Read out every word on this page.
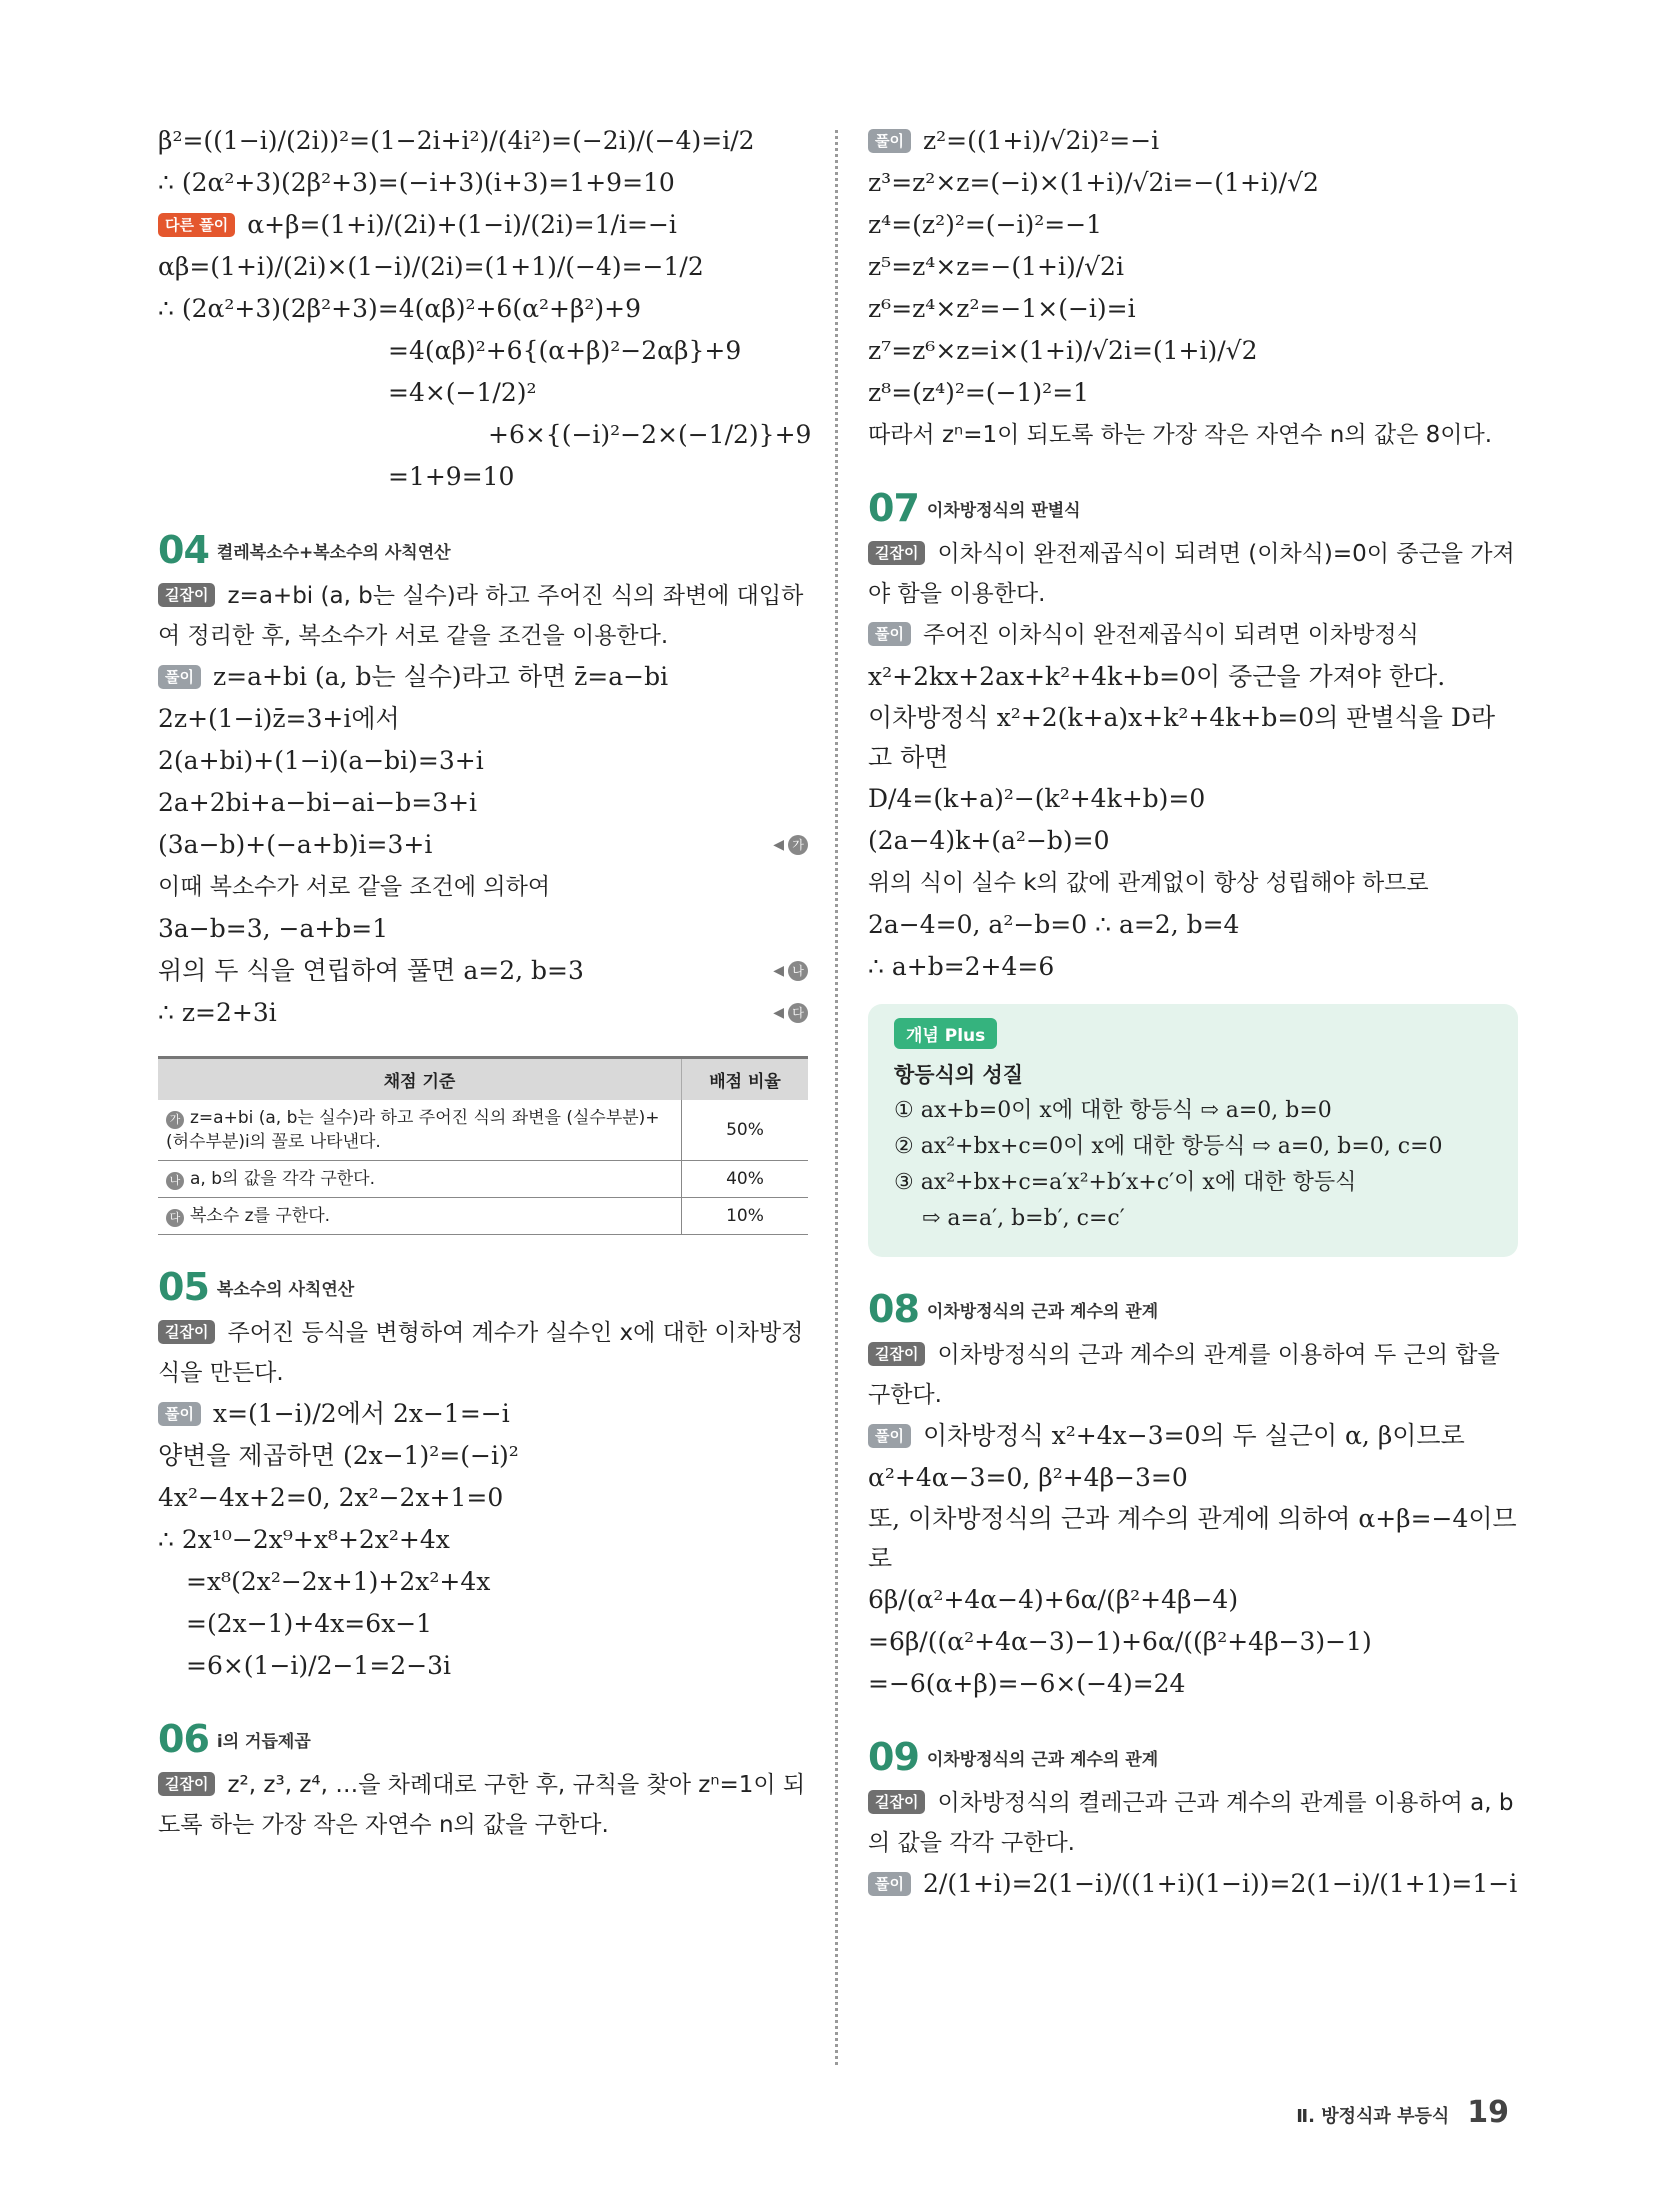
β²=((1−i)/(2i))²=(1−2i+i²)/(4i²)=(−2i)/(−4)=i/2

∴ (2α²+3)(2β²+3)=(−i+3)(i+3)=1+9=10

다른 풀이 α+β=(1+i)/(2i)+(1−i)/(2i)=1/i=−i

αβ=(1+i)/(2i)×(1−i)/(2i)=(1+1)/(−4)=−1/2

∴ (2α²+3)(2β²+3)=4(αβ)²+6(α²+β²)+9

=4(αβ)²+6{(α+β)²−2αβ}+9

=4×(−1/2)²

+6×{(−i)²−2×(−1/2)}+9

=1+9=10

04 켤레복소수+복소수의 사칙연산

길잡이 z=a+bi (a, b는 실수)라 하고 주어진 식의 좌변에 대입하여 정리한 후, 복소수가 서로 같을 조건을 이용한다.

풀이 z=a+bi (a, b는 실수)라고 하면 z̄=a−bi

2z+(1−i)z̄=3+i에서

2(a+bi)+(1−i)(a−bi)=3+i

2a+2bi+a−bi−ai−b=3+i

(3a−b)+(−a+b)i=3+i	◀ 가

이때 복소수가 서로 같을 조건에 의하여

3a−b=3, −a+b=1

위의 두 식을 연립하여 풀면 a=2, b=3	◀ 나

∴ z=2+3i	◀ 다

채점 기준	배점 비율
가 z=a+bi (a, b는 실수)라 하고 주어진 식의 좌변을 (실수부분)+(허수부분)i의 꼴로 나타낸다.	50%
나 a, b의 값을 각각 구한다.	40%
다 복소수 z를 구한다.	10%
05 복소수의 사칙연산

길잡이 주어진 등식을 변형하여 계수가 실수인 x에 대한 이차방정식을 만든다.

풀이 x=(1−i)/2에서 2x−1=−i

양변을 제곱하면 (2x−1)²=(−i)²

4x²−4x+2=0, 2x²−2x+1=0

∴ 2x¹⁰−2x⁹+x⁸+2x²+4x

=x⁸(2x²−2x+1)+2x²+4x

=(2x−1)+4x=6x−1

=6×(1−i)/2−1=2−3i

06 i의 거듭제곱

길잡이 z², z³, z⁴, …을 차례대로 구한 후, 규칙을 찾아 zⁿ=1이 되도록 하는 가장 작은 자연수 n의 값을 구한다.

풀이 z²=((1+i)/√2i)²=−i

z³=z²×z=(−i)×(1+i)/√2i=−(1+i)/√2

z⁴=(z²)²=(−i)²=−1

z⁵=z⁴×z=−(1+i)/√2i

z⁶=z⁴×z²=−1×(−i)=i

z⁷=z⁶×z=i×(1+i)/√2i=(1+i)/√2

z⁸=(z⁴)²=(−1)²=1

따라서 zⁿ=1이 되도록 하는 가장 작은 자연수 n의 값은 8이다.

07 이차방정식의 판별식

길잡이 이차식이 완전제곱식이 되려면 (이차식)=0이 중근을 가져야 함을 이용한다.

풀이 주어진 이차식이 완전제곱식이 되려면 이차방정식

x²+2kx+2ax+k²+4k+b=0이 중근을 가져야 한다.

이차방정식 x²+2(k+a)x+k²+4k+b=0의 판별식을 D라고 하면

D/4=(k+a)²−(k²+4k+b)=0

(2a−4)k+(a²−b)=0

위의 식이 실수 k의 값에 관계없이 항상 성립해야 하므로

2a−4=0, a²−b=0 ∴ a=2, b=4

∴ a+b=2+4=6

개념 Plus
항등식의 성질

① ax+b=0이 x에 대한 항등식 ⇨ a=0, b=0

② ax²+bx+c=0이 x에 대한 항등식 ⇨ a=0, b=0, c=0

③ ax²+bx+c=a′x²+b′x+c′이 x에 대한 항등식

⇨ a=a′, b=b′, c=c′

08 이차방정식의 근과 계수의 관계

길잡이 이차방정식의 근과 계수의 관계를 이용하여 두 근의 합을 구한다.

풀이 이차방정식 x²+4x−3=0의 두 실근이 α, β이므로

α²+4α−3=0, β²+4β−3=0

또, 이차방정식의 근과 계수의 관계에 의하여 α+β=−4이므로

6β/(α²+4α−4)+6α/(β²+4β−4)

=6β/((α²+4α−3)−1)+6α/((β²+4β−3)−1)

=−6(α+β)=−6×(−4)=24

09 이차방정식의 근과 계수의 관계

길잡이 이차방정식의 켤레근과 근과 계수의 관계를 이용하여 a, b의 값을 각각 구한다.

풀이 2/(1+i)=2(1−i)/((1+i)(1−i))=2(1−i)/(1+1)=1−i

Ⅱ. 방정식과 부등식 19
